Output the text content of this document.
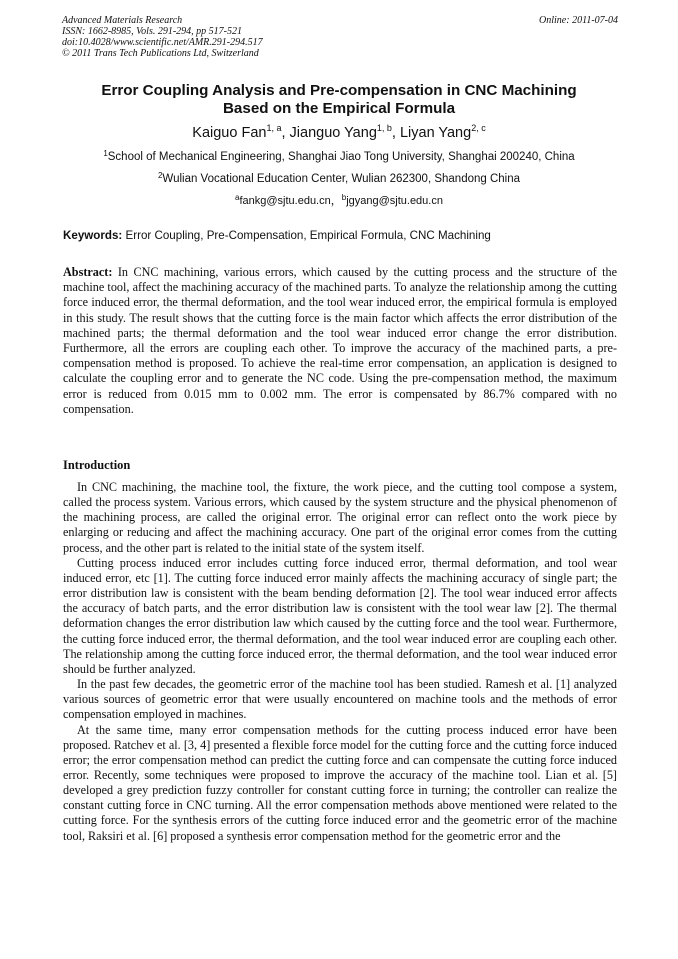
Advanced Materials Research
ISSN: 1662-8985, Vols. 291-294, pp 517-521
doi:10.4028/www.scientific.net/AMR.291-294.517
© 2011 Trans Tech Publications Ltd, Switzerland
Online: 2011-07-04
Error Coupling Analysis and Pre-compensation in CNC Machining
Based on the Empirical Formula
Kaiguo Fan$^{1, a}$, Jianguo Yang$^{1, b}$, Liyan Yang$^{2, c}$
$^1$School of Mechanical Engineering, Shanghai Jiao Tong University, Shanghai 200240, China
$^2$Wulian Vocational Education Center, Wulian 262300, Shandong China
$^a$fankg@sjtu.edu.cn，$^b$jgyang@sjtu.edu.cn
Keywords: Error Coupling, Pre-Compensation, Empirical Formula, CNC Machining
Abstract: In CNC machining, various errors, which caused by the cutting process and the structure of the machine tool, affect the machining accuracy of the machined parts. To analyze the relationship among the cutting force induced error, the thermal deformation, and the tool wear induced error, the empirical formula is employed in this study. The result shows that the cutting force is the main factor which affects the error distribution of the machined parts; the thermal deformation and the tool wear induced error change the error distribution. Furthermore, all the errors are coupling each other. To improve the accuracy of the machined parts, a pre-compensation method is proposed. To achieve the real-time error compensation, an application is designed to calculate the coupling error and to generate the NC code. Using the pre-compensation method, the maximum error is reduced from 0.015 mm to 0.002 mm. The error is compensated by 86.7% compared with no compensation.
Introduction

In CNC machining, the machine tool, the fixture, the work piece, and the cutting tool compose a system, called the process system. Various errors, which caused by the system structure and the physical phenomenon of the machining process, are called the original error. The original error can reflect onto the work piece by enlarging or reducing and affect the machining accuracy. One part of the original error comes from the cutting process, and the other part is related to the initial state of the system itself.

Cutting process induced error includes cutting force induced error, thermal deformation, and tool wear induced error, etc [1]. The cutting force induced error mainly affects the machining accuracy of single part; the error distribution law is consistent with the beam bending deformation [2]. The tool wear induced error affects the accuracy of batch parts, and the error distribution law is consistent with the tool wear law [2]. The thermal deformation changes the error distribution law which caused by the cutting force and the tool wear. Furthermore, the cutting force induced error, the thermal deformation, and the tool wear induced error are coupling each other. The relationship among the cutting force induced error, the thermal deformation, and the tool wear induced error should be further analyzed.

In the past few decades, the geometric error of the machine tool has been studied. Ramesh et al. [1] analyzed various sources of geometric error that were usually encountered on machine tools and the methods of error compensation employed in machines.

At the same time, many error compensation methods for the cutting process induced error have been proposed. Ratchev et al. [3, 4] presented a flexible force model for the cutting force and the cutting force induced error; the error compensation method can predict the cutting force and can compensate the cutting force induced error. Recently, some techniques were proposed to improve the accuracy of the machine tool. Lian et al. [5] developed a grey prediction fuzzy controller for constant cutting force in turning; the controller can realize the constant cutting force in CNC turning. All the error compensation methods above mentioned were related to the cutting force. For the synthesis errors of the cutting force induced error and the geometric error of the machine tool, Raksiri et al. [6] proposed a synthesis error compensation method for the geometric error and the
